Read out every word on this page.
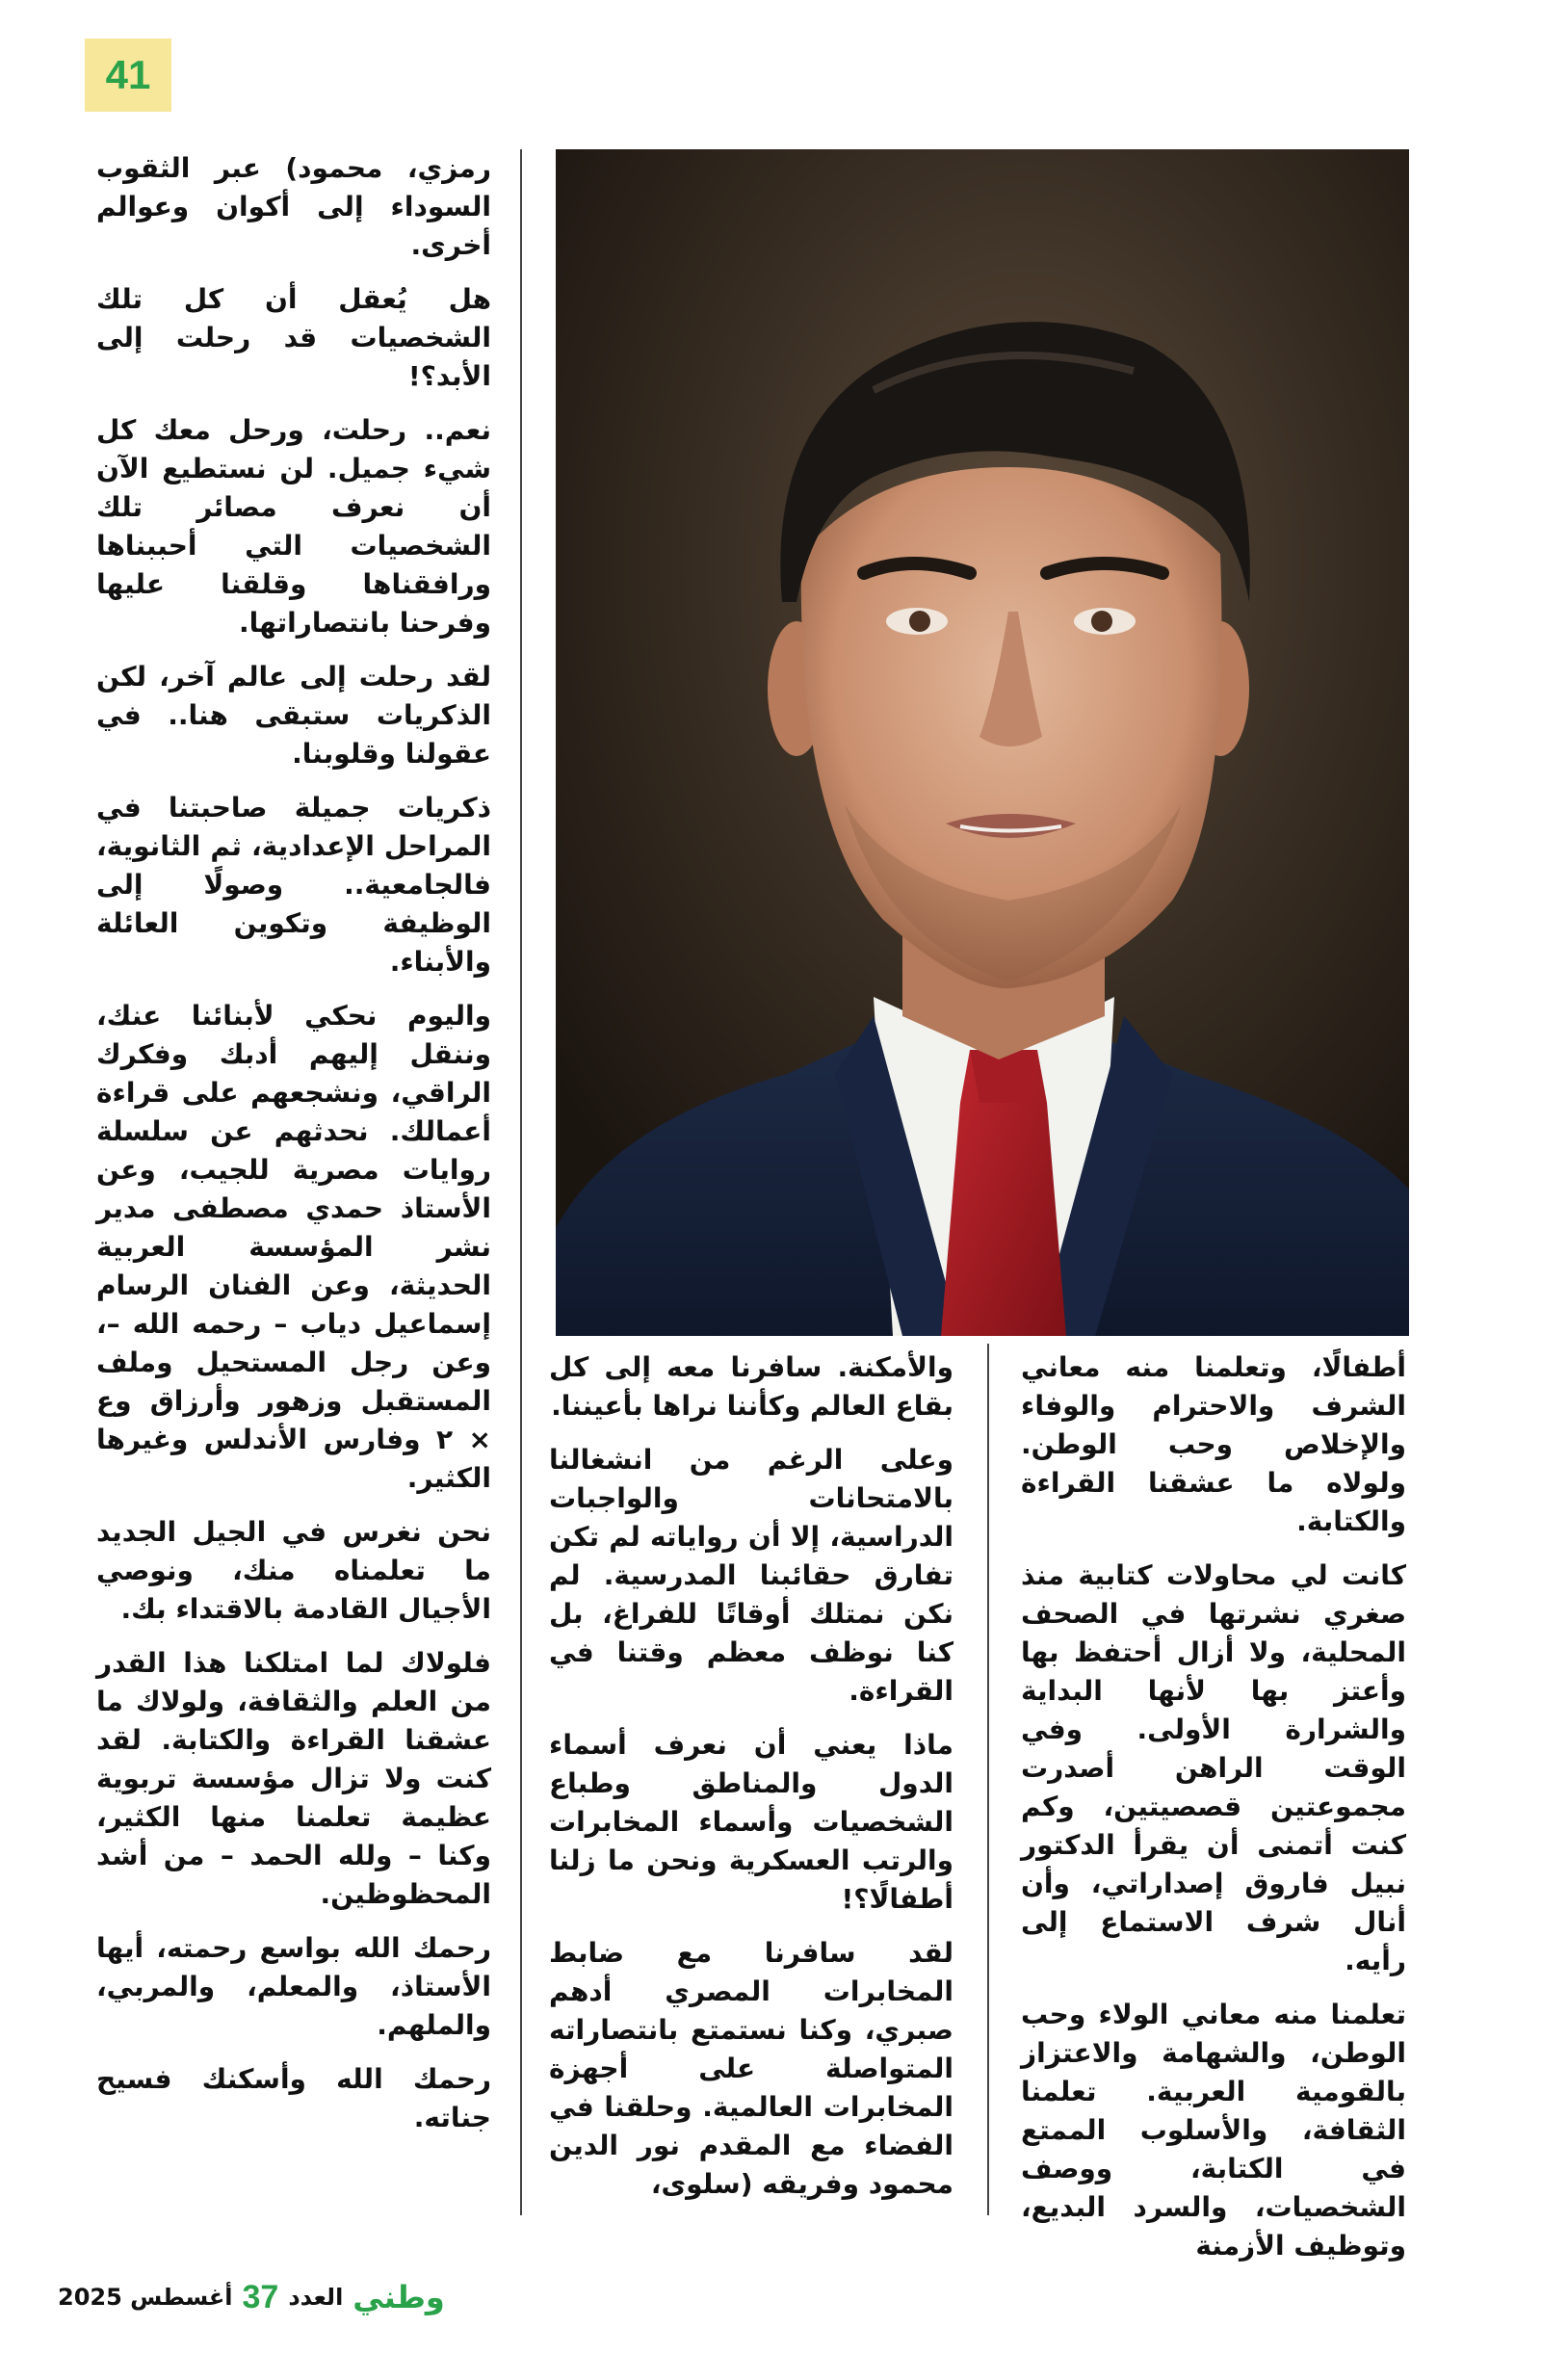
41

رمزي، محمود) عبر الثقوب السوداء إلى أكوان وعوالم أخرى.

هل يُعقل أن كل تلك الشخصيات قد رحلت إلى الأبد؟!

نعم.. رحلت، ورحل معك كل شيء جميل. لن نستطيع الآن أن نعرف مصائر تلك الشخصيات التي أحببناها ورافقناها وقلقنا عليها وفرحنا بانتصاراتها.

لقد رحلت إلى عالم آخر، لكن الذكريات ستبقى هنا.. في عقولنا وقلوبنا.

ذكريات جميلة صاحبتنا في المراحل الإعدادية، ثم الثانوية، فالجامعية.. وصولًا إلى الوظيفة وتكوين العائلة والأبناء.

واليوم نحكي لأبنائنا عنك، وننقل إليهم أدبك وفكرك الراقي، ونشجعهم على قراءة أعمالك. نحدثهم عن سلسلة روايات مصرية للجيب، وعن الأستاذ حمدي مصطفى مدير نشر المؤسسة العربية الحديثة، وعن الفنان الرسام إسماعيل دياب – رحمه الله –، وعن رجل المستحيل وملف المستقبل وزهور وأرزاق وع × ٢ وفارس الأندلس وغيرها الكثير.

نحن نغرس في الجيل الجديد ما تعلمناه منك، ونوصي الأجيال القادمة بالاقتداء بك.

فلولاك لما امتلكنا هذا القدر من العلم والثقافة، ولولاك ما عشقنا القراءة والكتابة. لقد كنت ولا تزال مؤسسة تربوية عظيمة تعلمنا منها الكثير، وكنا – ولله الحمد – من أشد المحظوظين.

رحمك الله بواسع رحمته، أيها الأستاذ، والمعلم، والمربي، والملهم.

رحمك الله وأسكنك فسيح جناته.

والأمكنة. سافرنا معه إلى كل بقاع العالم وكأننا نراها بأعيننا.

وعلى الرغم من انشغالنا بالامتحانات والواجبات الدراسية، إلا أن رواياته لم تكن تفارق حقائبنا المدرسية. لم نكن نمتلك أوقاتًا للفراغ، بل كنا نوظف معظم وقتنا في القراءة.

ماذا يعني أن نعرف أسماء الدول والمناطق وطباع الشخصيات وأسماء المخابرات والرتب العسكرية ونحن ما زلنا أطفالًا؟!

لقد سافرنا مع ضابط المخابرات المصري أدهم صبري، وكنا نستمتع بانتصاراته المتواصلة على أجهزة المخابرات العالمية. وحلقنا في الفضاء مع المقدم نور الدين محمود وفريقه (سلوى،

أطفالًا، وتعلمنا منه معاني الشرف والاحترام والوفاء والإخلاص وحب الوطن. ولولاه ما عشقنا القراءة والكتابة.

كانت لي محاولات كتابية منذ صغري نشرتها في الصحف المحلية، ولا أزال أحتفظ بها وأعتز بها لأنها البداية والشرارة الأولى. وفي الوقت الراهن أصدرت مجموعتين قصصيتين، وكم كنت أتمنى أن يقرأ الدكتور نبيل فاروق إصداراتي، وأن أنال شرف الاستماع إلى رأيه.

تعلمنا منه معاني الولاء وحب الوطن، والشهامة والاعتزاز بالقومية العربية. تعلمنا الثقافة، والأسلوب الممتع في الكتابة، ووصف الشخصيات، والسرد البديع، وتوظيف الأزمنة

وطني
العدد
37
أغسطس 2025
